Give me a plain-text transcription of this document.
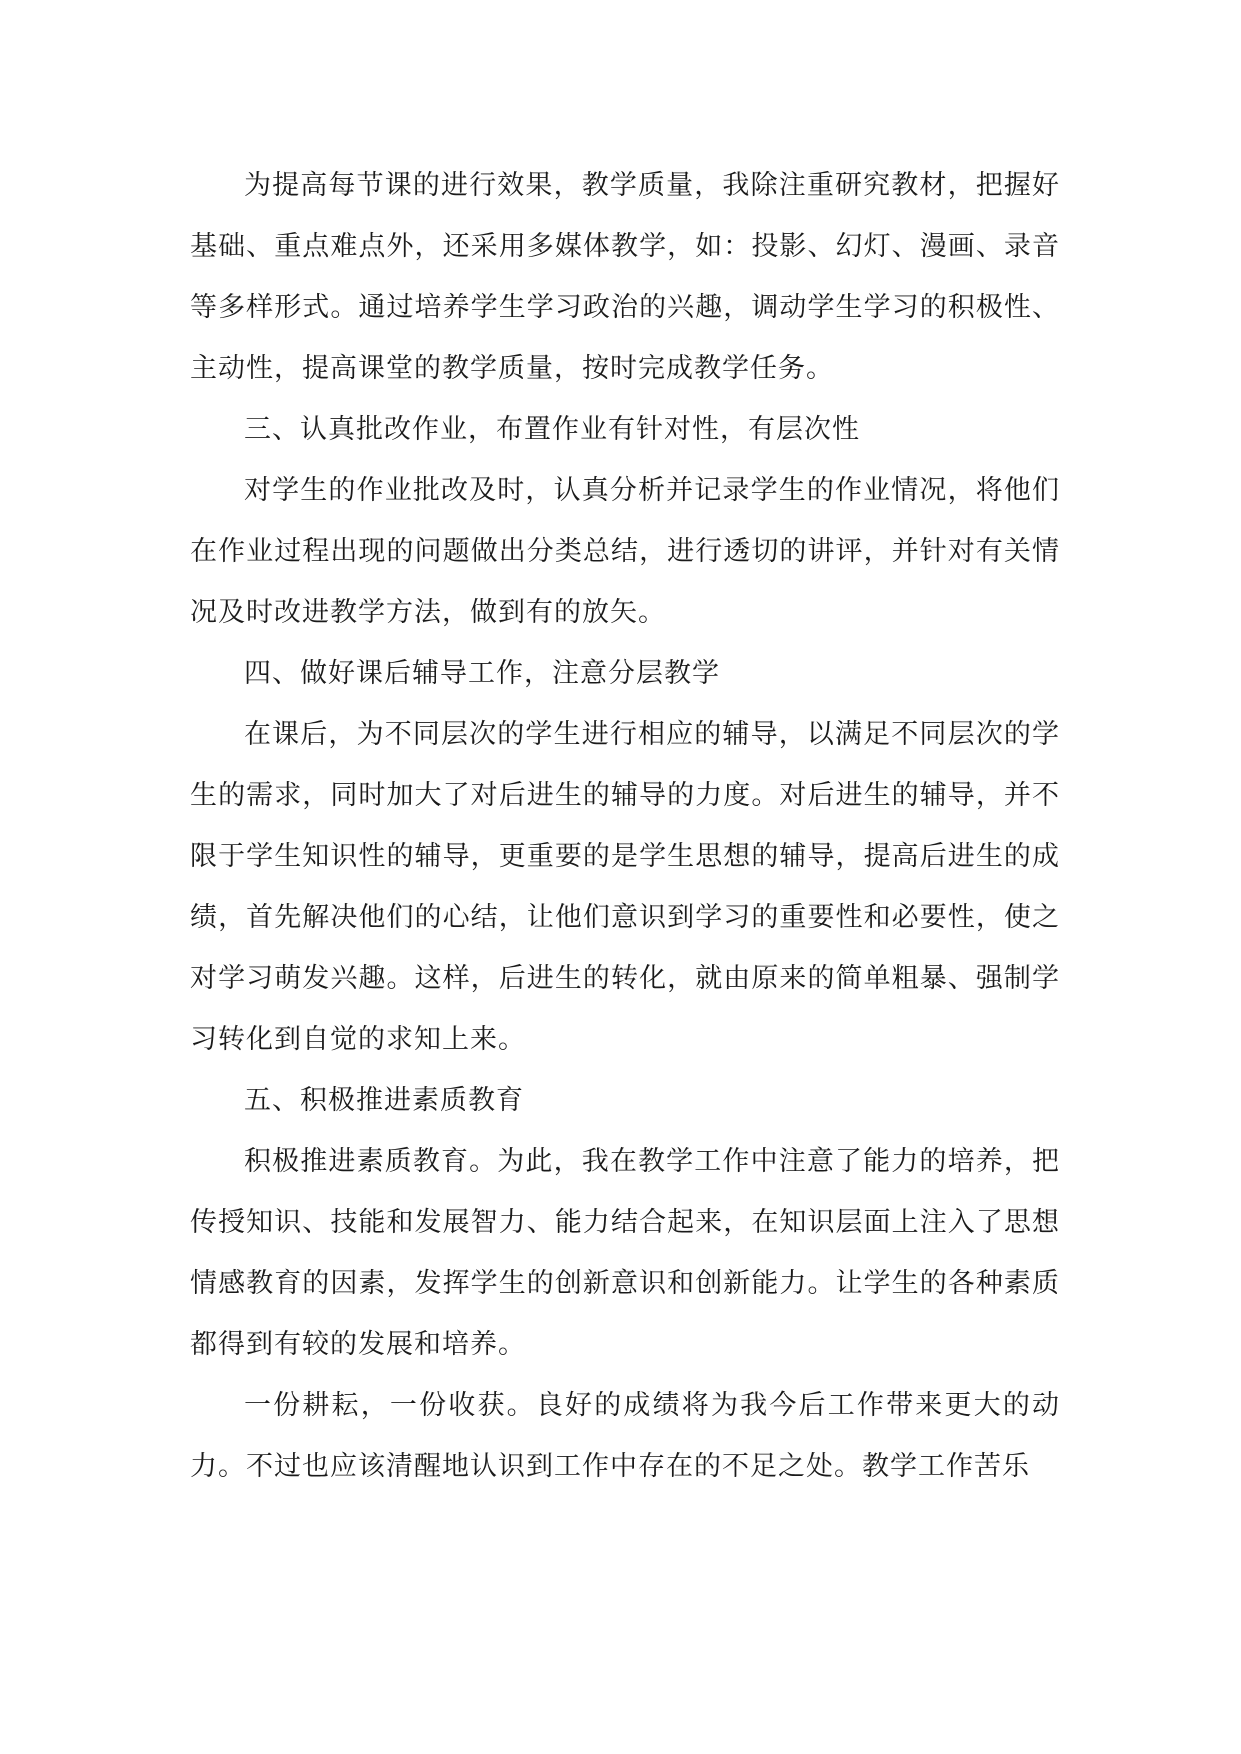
为提高每节课的进行效果，教学质量，我除注重研究教材，把握好基础、重点难点外，还采用多媒体教学，如：投影、幻灯、漫画、录音等多样形式。通过培养学生学习政治的兴趣，调动学生学习的积极性、主动性，提高课堂的教学质量，按时完成教学任务。

三、认真批改作业，布置作业有针对性，有层次性

对学生的作业批改及时，认真分析并记录学生的作业情况，将他们在作业过程出现的问题做出分类总结，进行透切的讲评，并针对有关情况及时改进教学方法，做到有的放矢。

四、做好课后辅导工作，注意分层教学

在课后，为不同层次的学生进行相应的辅导，以满足不同层次的学生的需求，同时加大了对后进生的辅导的力度。对后进生的辅导，并不限于学生知识性的辅导，更重要的是学生思想的辅导，提高后进生的成绩，首先解决他们的心结，让他们意识到学习的重要性和必要性，使之对学习萌发兴趣。这样，后进生的转化，就由原来的简单粗暴、强制学习转化到自觉的求知上来。

五、积极推进素质教育

积极推进素质教育。为此，我在教学工作中注意了能力的培养，把传授知识、技能和发展智力、能力结合起来，在知识层面上注入了思想情感教育的因素，发挥学生的创新意识和创新能力。让学生的各种素质都得到有较的发展和培养。

一份耕耘，一份收获。良好的成绩将为我今后工作带来更大的动力。不过也应该清醒地认识到工作中存在的不足之处。教学工作苦乐
